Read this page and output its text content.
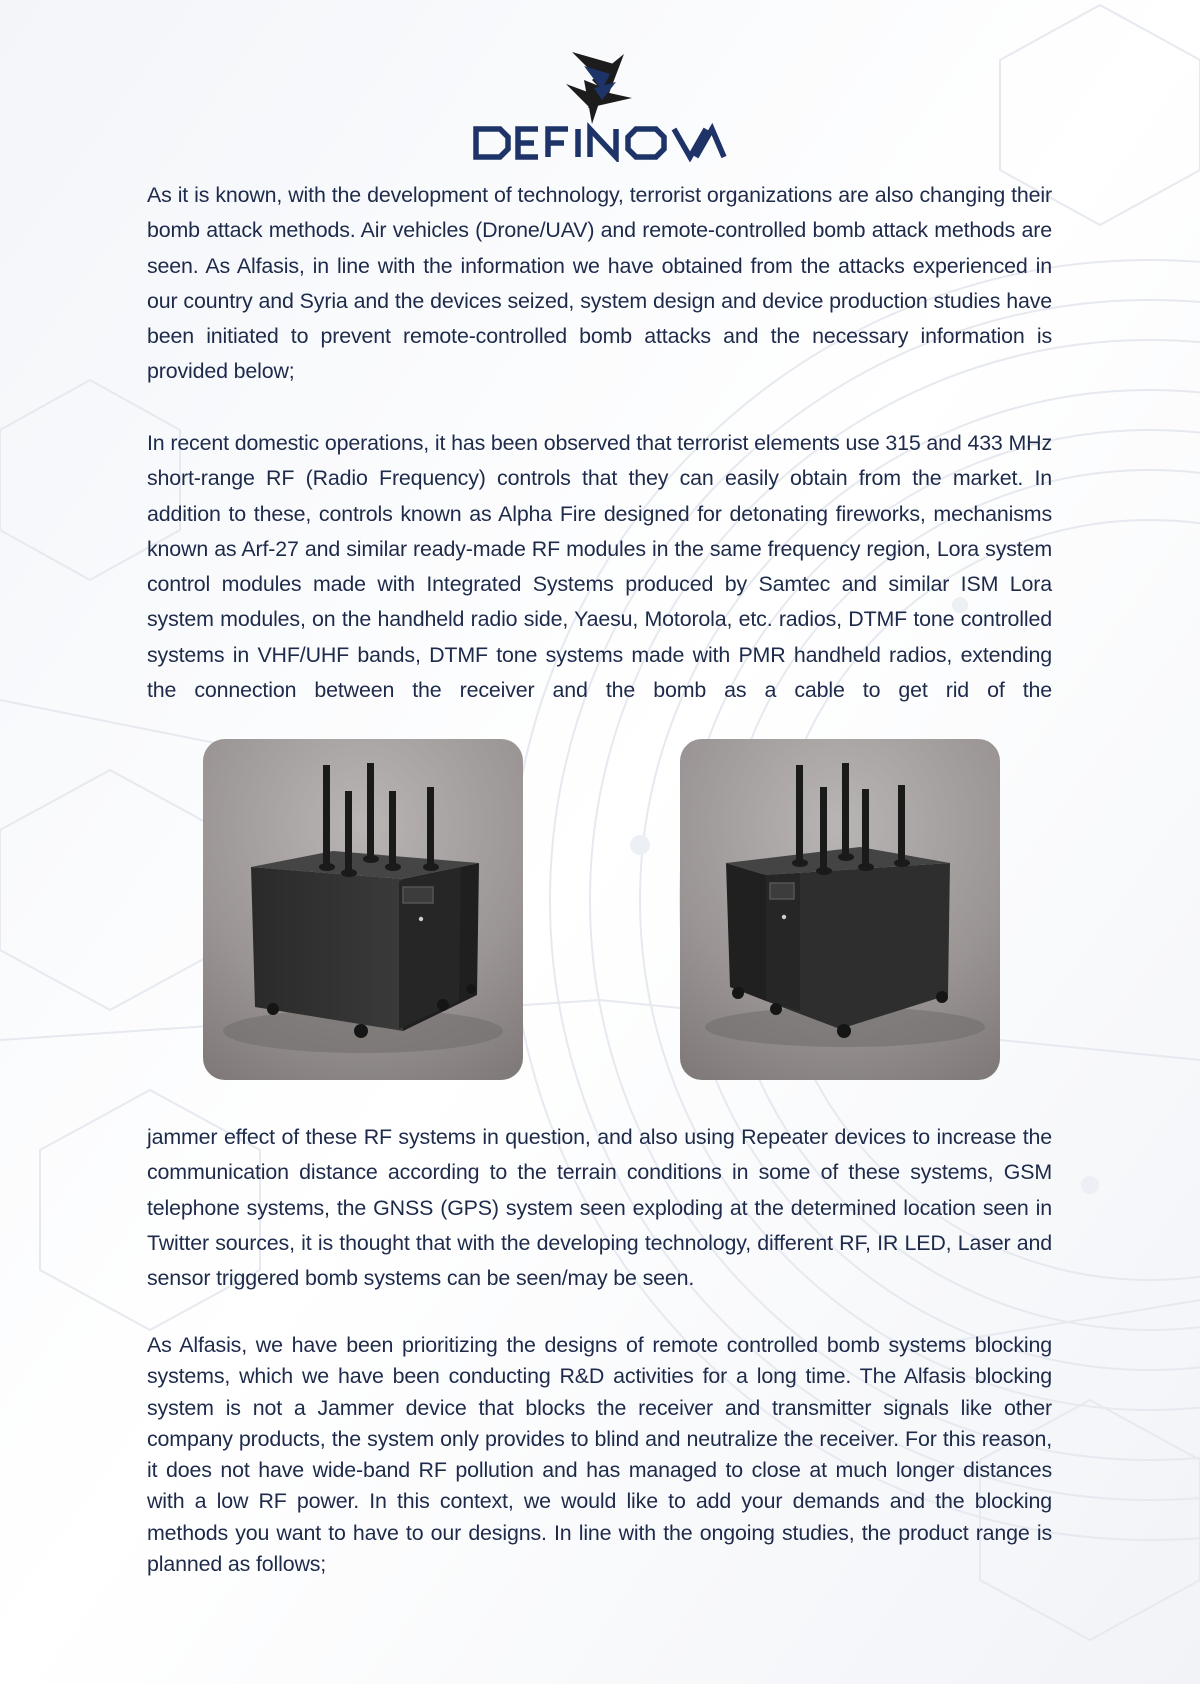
As it is known, with the development of technology, terrorist organizations are also changing their bomb attack methods. Air vehicles (Drone/UAV) and remote-controlled bomb attack methods are seen. As Alfasis, in line with the information we have obtained from the attacks experienced in our country and Syria and the devices seized, system design and device production studies have been initiated to prevent remote-controlled bomb attacks and the necessary information is provided below;

In recent domestic operations, it has been observed that terrorist elements use 315 and 433 MHz short-range RF (Radio Frequency) controls that they can easily obtain from the market. In addition to these, controls known as Alpha Fire designed for detonating fireworks, mechanisms known as Arf-27 and similar ready-made RF modules in the same frequency region, Lora system control modules made with Integrated Systems produced by Samtec and similar ISM Lora system modules, on the handheld radio side, Yaesu, Motorola, etc. radios, DTMF tone controlled systems in VHF/UHF bands, DTMF tone systems made with PMR handheld radios, extending the connection between the receiver and the bomb as a cable to get rid of the

jammer effect of these RF systems in question, and also using Repeater devices to increase the communication distance according to the terrain conditions in some of these systems, GSM telephone systems, the GNSS (GPS) system seen exploding at the determined location seen in Twitter sources, it is thought that with the developing technology, different RF, IR LED, Laser and sensor triggered bomb systems can be seen/may be seen.

As Alfasis, we have been prioritizing the designs of remote controlled bomb systems blocking systems, which we have been conducting R&D activities for a long time. The Alfasis blocking system is not a Jammer device that blocks the receiver and transmitter signals like other company products, the system only provides to blind and neutralize the receiver. For this reason, it does not have wide-band RF pollution and has managed to close at much longer distances with a low RF power. In this context, we would like to add your demands and the blocking methods you want to have to our designs. In line with the ongoing studies, the product range is planned as follows;
